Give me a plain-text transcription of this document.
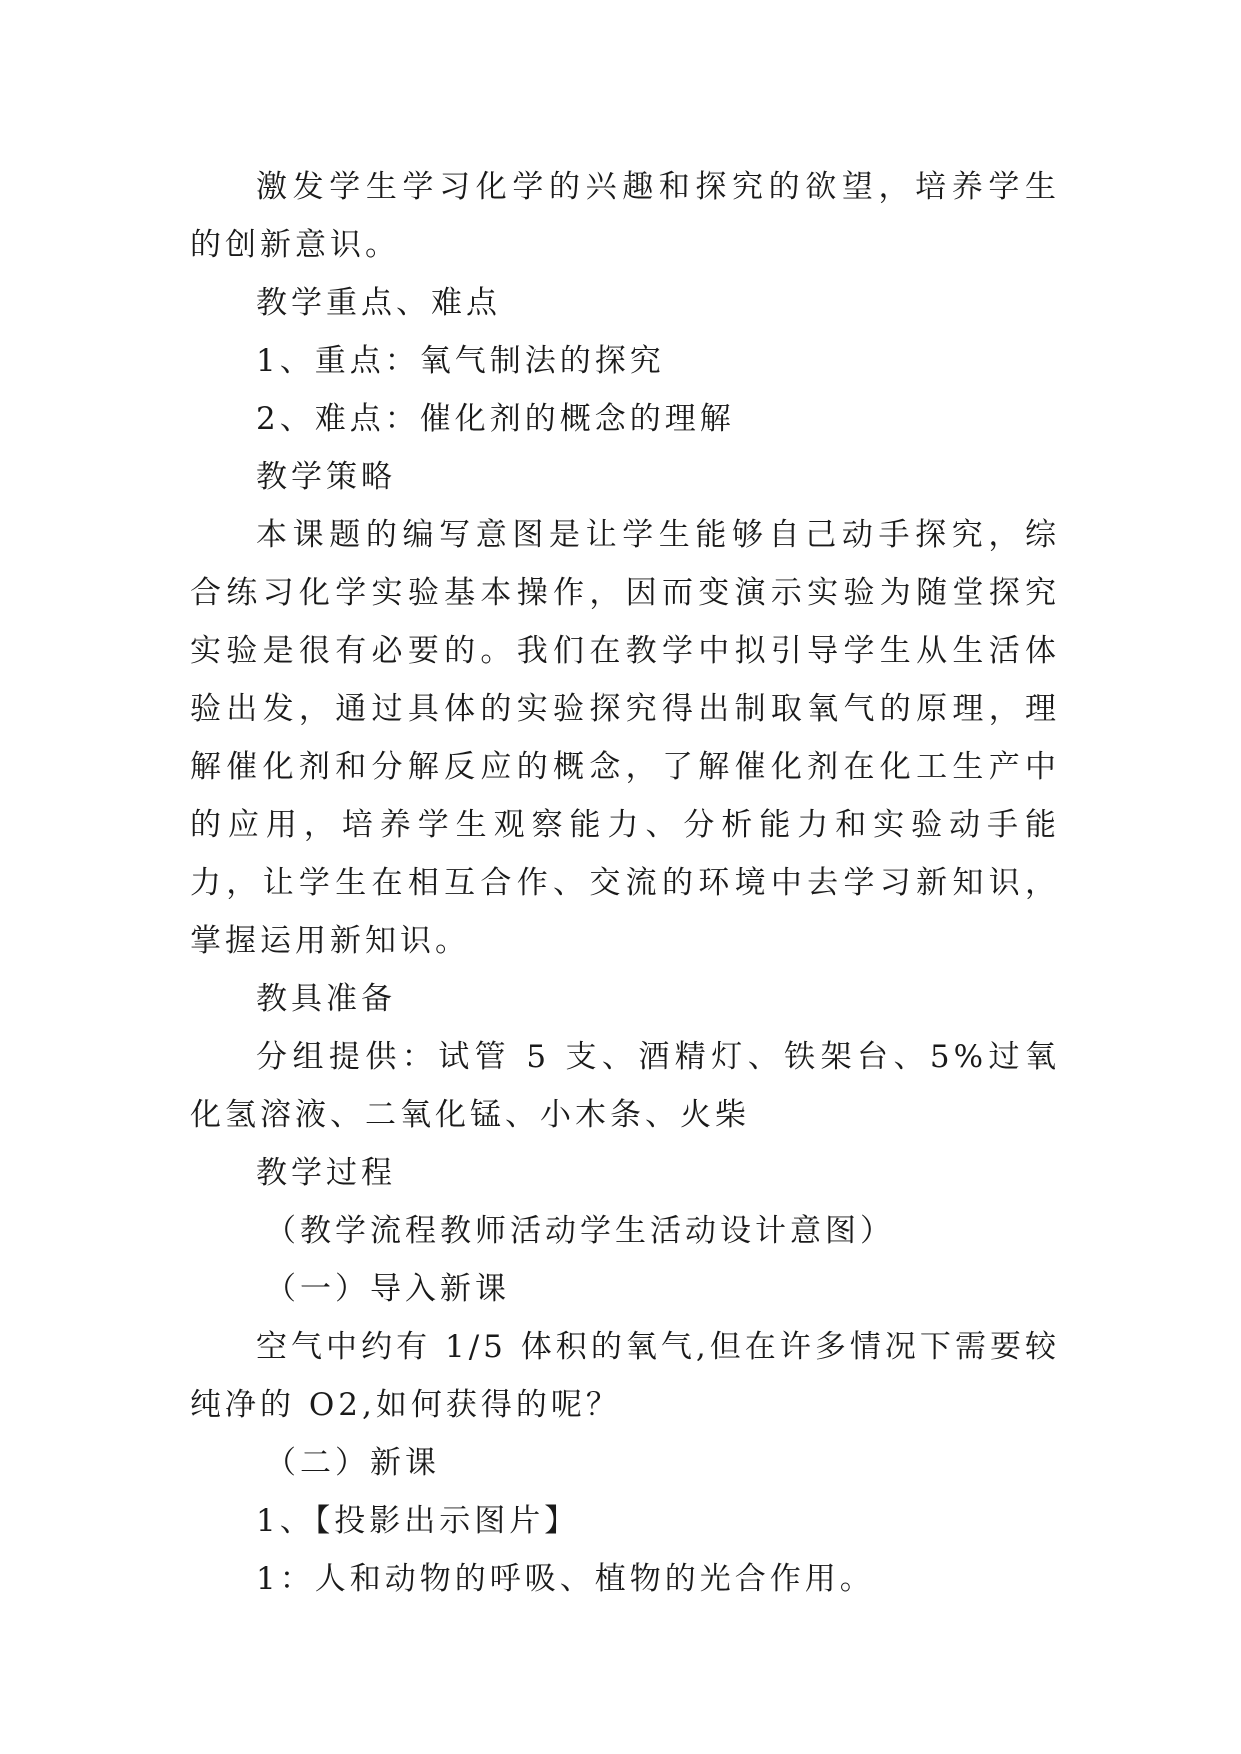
激发学生学习化学的兴趣和探究的欲望，培养学生的创新意识。

教学重点、难点

1、重点：氧气制法的探究

2、难点：催化剂的概念的理解

教学策略

本课题的编写意图是让学生能够自己动手探究，综合练习化学实验基本操作，因而变演示实验为随堂探究实验是很有必要的。我们在教学中拟引导学生从生活体验出发，通过具体的实验探究得出制取氧气的原理，理解催化剂和分解反应的概念，了解催化剂在化工生产中的应用，培养学生观察能力、分析能力和实验动手能力，让学生在相互合作、交流的环境中去学习新知识，掌握运用新知识。

教具准备

分组提供：试管 5 支、酒精灯、铁架台、5%过氧化氢溶液、二氧化锰、小木条、火柴

教学过程

（教学流程教师活动学生活动设计意图）

（一）导入新课

空气中约有 1/5 体积的氧气,但在许多情况下需要较纯净的 O2,如何获得的呢？

（二）新课

1、【投影出示图片】

1：人和动物的呼吸、植物的光合作用。
